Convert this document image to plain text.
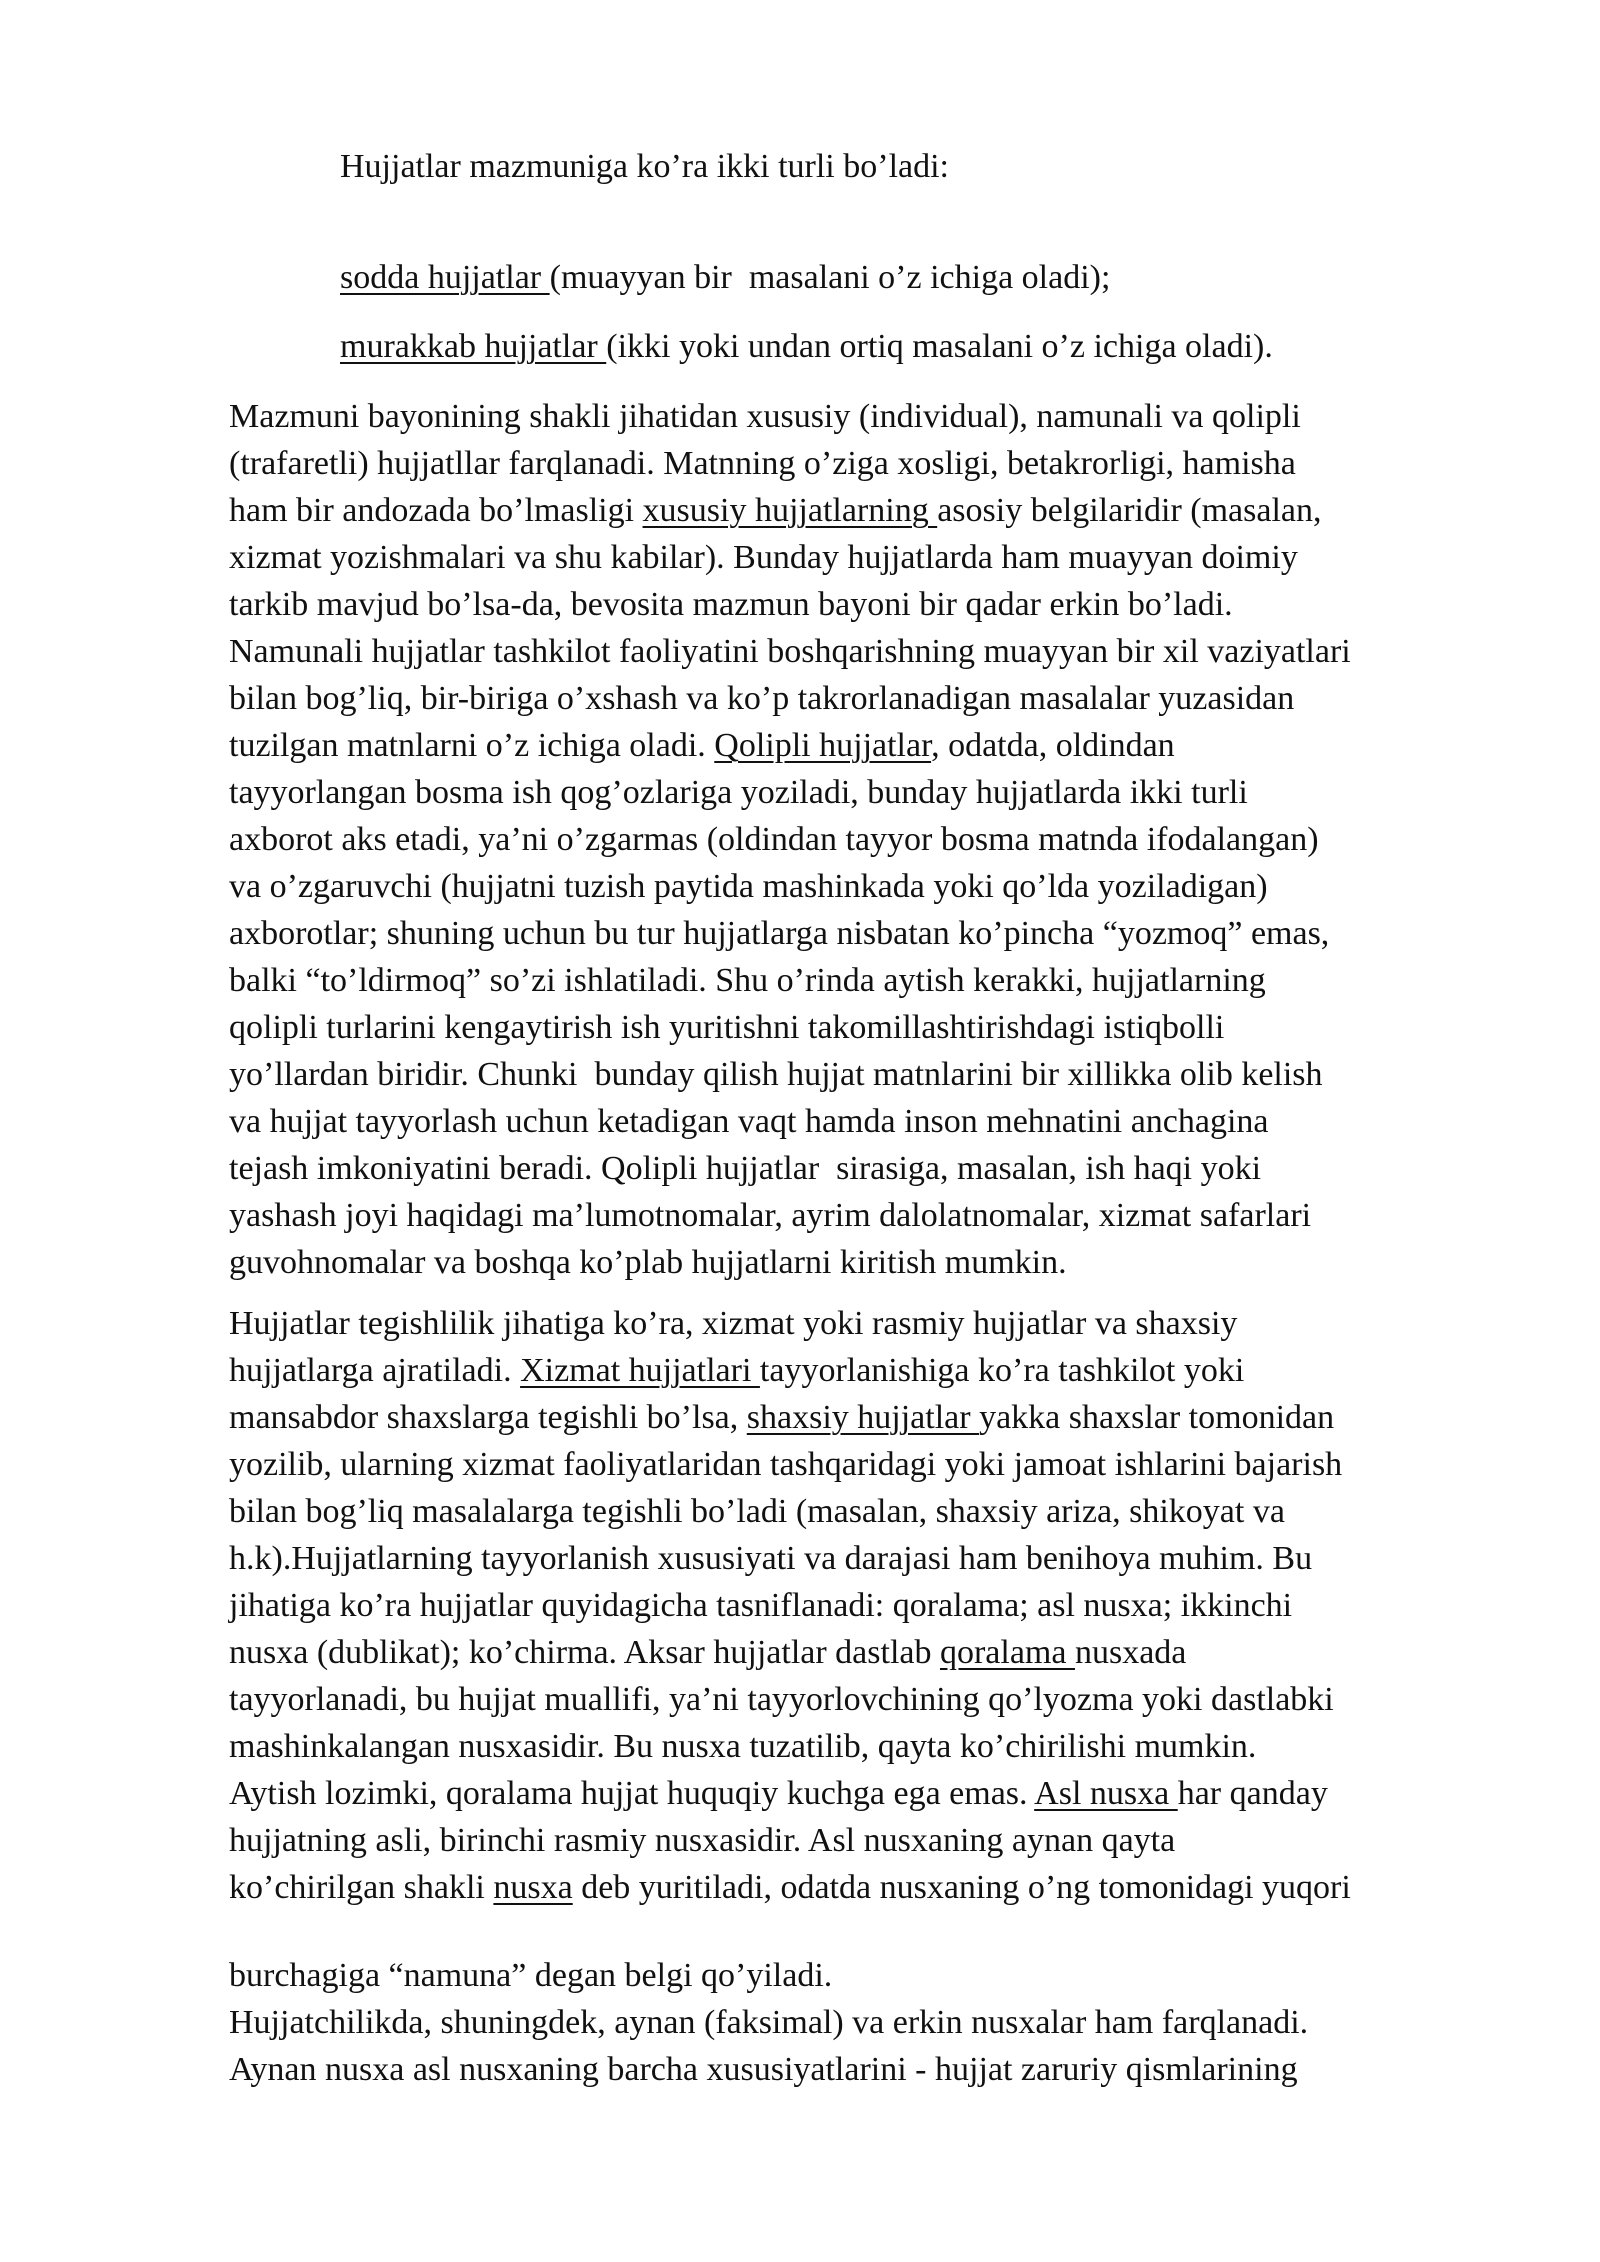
Hujjatlar mazmuniga ko’ra ikki turli bo’ladi:
sodda hujjatlar (muayyan bir  masalani o’z ichiga oladi);
murakkab hujjatlar (ikki yoki undan ortiq masalani o’z ichiga oladi).
Mazmuni bayonining shakli jihatidan xususiy (individual), namunali va qolipli
(trafaretli) hujjatllar farqlanadi. Matnning o’ziga xosligi, betakrorligi, hamisha
ham bir andozada bo’lmasligi xususiy hujjatlarning asosiy belgilaridir (masalan,
xizmat yozishmalari va shu kabilar). Bunday hujjatlarda ham muayyan doimiy
tarkib mavjud bo’lsa-da, bevosita mazmun bayoni bir qadar erkin bo’ladi.
Namunali hujjatlar tashkilot faoliyatini boshqarishning muayyan bir xil vaziyatlari
bilan bog’liq, bir-biriga o’xshash va ko’p takrorlanadigan masalalar yuzasidan
tuzilgan matnlarni o’z ichiga oladi. Qolipli hujjatlar, odatda, oldindan
tayyorlangan bosma ish qog’ozlariga yoziladi, bunday hujjatlarda ikki turli
axborot aks etadi, ya’ni o’zgarmas (oldindan tayyor bosma matnda ifodalangan)
va o’zgaruvchi (hujjatni tuzish paytida mashinkada yoki qo’lda yoziladigan)
axborotlar; shuning uchun bu tur hujjatlarga nisbatan ko’pincha “yozmoq” emas,
balki “to’ldirmoq” so’zi ishlatiladi. Shu o’rinda aytish kerakki, hujjatlarning
qolipli turlarini kengaytirish ish yuritishni takomillashtirishdagi istiqbolli
yo’llardan biridir. Chunki  bunday qilish hujjat matnlarini bir xillikka olib kelish
va hujjat tayyorlash uchun ketadigan vaqt hamda inson mehnatini anchagina
tejash imkoniyatini beradi. Qolipli hujjatlar  sirasiga, masalan, ish haqi yoki
yashash joyi haqidagi ma’lumotnomalar, ayrim dalolatnomalar, xizmat safarlari
guvohnomalar va boshqa ko’plab hujjatlarni kiritish mumkin.
Hujjatlar tegishlilik jihatiga ko’ra, xizmat yoki rasmiy hujjatlar va shaxsiy
hujjatlarga ajratiladi. Xizmat hujjatlari tayyorlanishiga ko’ra tashkilot yoki
mansabdor shaxslarga tegishli bo’lsa, shaxsiy hujjatlar yakka shaxslar tomonidan
yozilib, ularning xizmat faoliyatlaridan tashqaridagi yoki jamoat ishlarini bajarish
bilan bog’liq masalalarga tegishli bo’ladi (masalan, shaxsiy ariza, shikoyat va
h.k).Hujjatlarning tayyorlanish xususiyati va darajasi ham benihoya muhim. Bu
jihatiga ko’ra hujjatlar quyidagicha tasniflanadi: qoralama; asl nusxa; ikkinchi
nusxa (dublikat); ko’chirma. Aksar hujjatlar dastlab qoralama nusxada
tayyorlanadi, bu hujjat muallifi, ya’ni tayyorlovchining qo’lyozma yoki dastlabki
mashinkalangan nusxasidir. Bu nusxa tuzatilib, qayta ko’chirilishi mumkin.
Aytish lozimki, qoralama hujjat huquqiy kuchga ega emas. Asl nusxa har qanday
hujjatning asli, birinchi rasmiy nusxasidir. Asl nusxaning aynan qayta
ko’chirilgan shakli nusxa deb yuritiladi, odatda nusxaning o’ng tomonidagi yuqori
burchagiga “namuna” degan belgi qo’yiladi.
Hujjatchilikda, shuningdek, aynan (faksimal) va erkin nusxalar ham farqlanadi.
Aynan nusxa asl nusxaning barcha xususiyatlarini - hujjat zaruriy qismlarining
